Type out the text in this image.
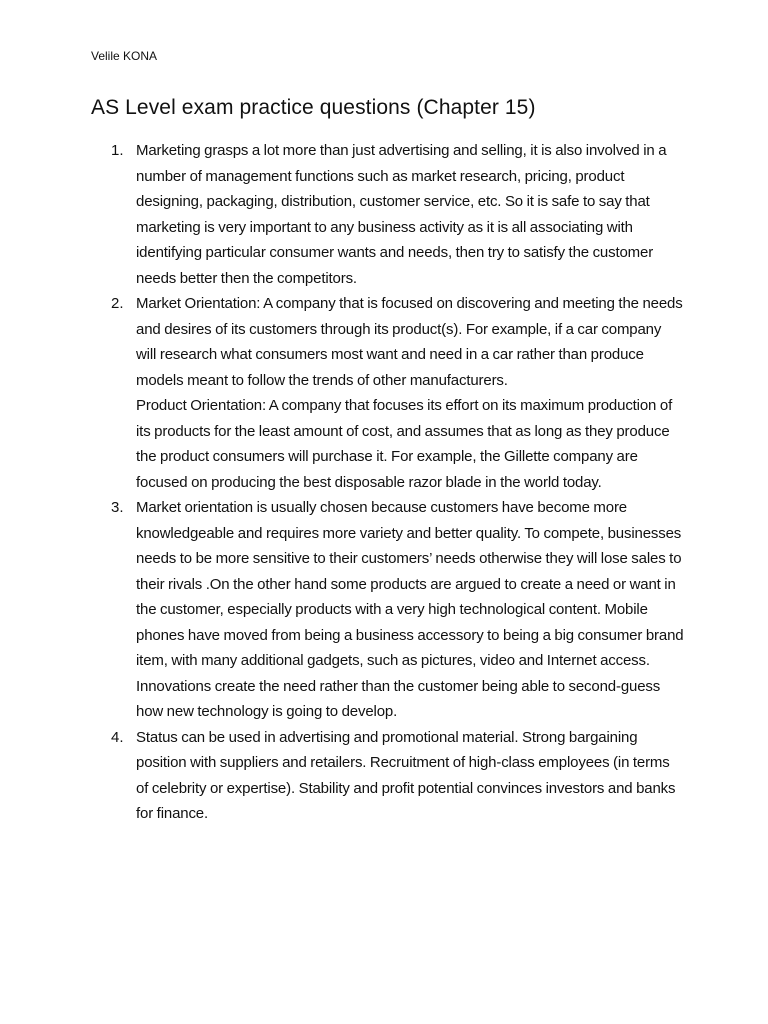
Velile KONA
AS Level exam practice questions (Chapter 15)
1. Marketing grasps a lot more than just advertising and selling, it is also involved in a number of management functions such as market research, pricing, product designing, packaging, distribution, customer service, etc. So it is safe to say that marketing is very important to any business activity as it is all associating with identifying particular consumer wants and needs, then try to satisfy the customer needs better then the competitors.

2. Market Orientation: A company that is focused on discovering and meeting the needs and desires of its customers through its product(s). For example, if a car company will research what consumers most want and need in a car rather than produce models meant to follow the trends of other manufacturers.

Product Orientation: A company that focuses its effort on its maximum production of its products for the least amount of cost, and assumes that as long as they produce the product consumers will purchase it. For example, the Gillette company are focused on producing the best disposable razor blade in the world today.

3. Market orientation is usually chosen because customers have become more knowledgeable and requires more variety and better quality. To compete, businesses needs to be more sensitive to their customers’ needs otherwise they will lose sales to their rivals .On the other hand some products are argued to create a need or want in the customer, especially products with a very high technological content. Mobile phones have moved from being a business accessory to being a big consumer brand item, with many additional gadgets, such as pictures, video and Internet access. Innovations create the need rather than the customer being able to second-guess how new technology is going to develop.

4. Status can be used in advertising and promotional material. Strong bargaining position with suppliers and retailers. Recruitment of high-class employees (in terms of celebrity or expertise). Stability and profit potential convinces investors and banks for finance.
